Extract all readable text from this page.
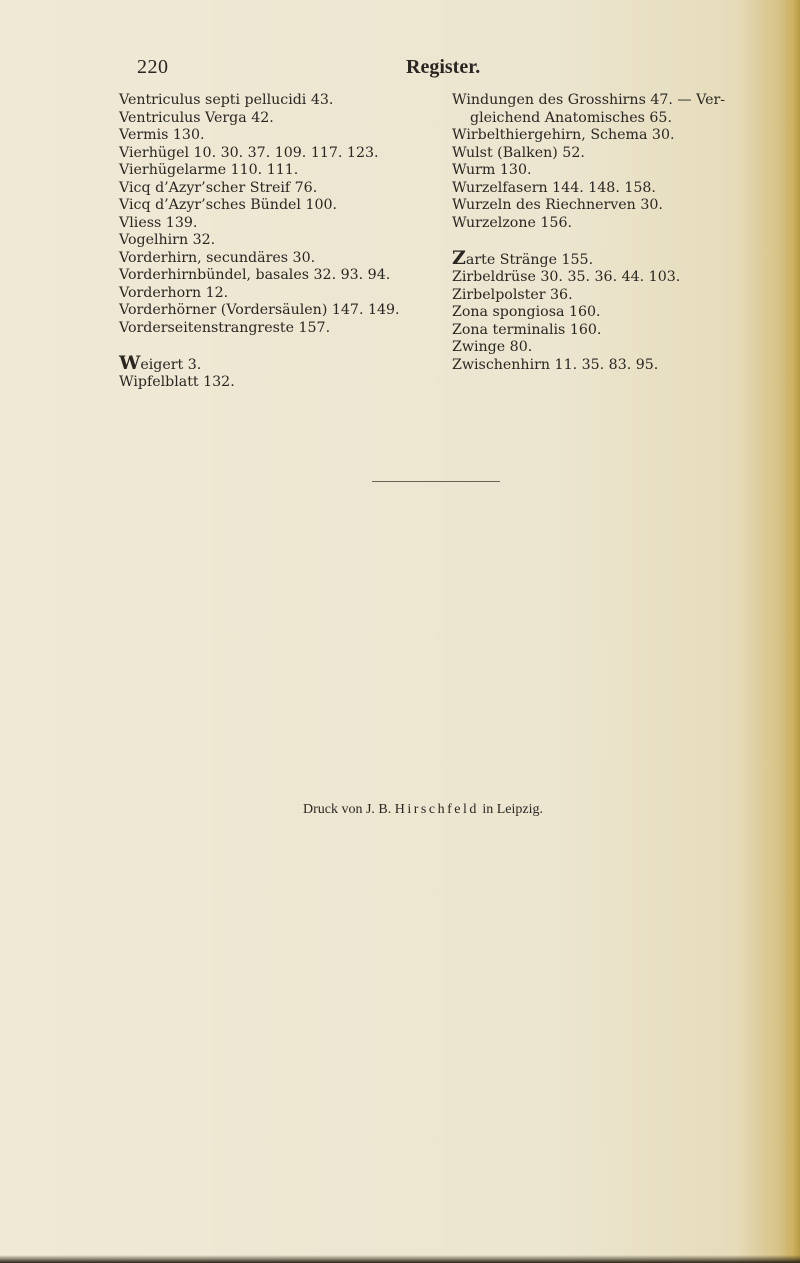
220	Register.
Ventriculus septi pellucidi 43.
Ventriculus Verga 42.
Vermis 130.
Vierhügel 10. 30. 37. 109. 117. 123.
Vierhügelarme 110. 111.
Vicq d’Azyr’scher Streif 76.
Vicq d’Azyr’sches Bündel 100.
Vliess 139.
Vogelhirn 32.
Vorderhirn, secundäres 30.
Vorderhirnbündel, basales 32. 93. 94.
Vorderhorn 12.
Vorderhörner (Vordersäulen) 147. 149.
Vorderseitenstrangreste 157.
Weigert 3.
Wipfelblatt 132.
Windungen des Grosshirns 47. — Ver-
gleichend Anatomisches 65.
Wirbelthiergehirn, Schema 30.
Wulst (Balken) 52.
Wurm 130.
Wurzelfasern 144. 148. 158.
Wurzeln des Riechnerven 30.
Wurzelzone 156.
Zarte Stränge 155.
Zirbeldrüse 30. 35. 36. 44. 103.
Zirbelpolster 36.
Zona spongiosa 160.
Zona terminalis 160.
Zwinge 80.
Zwischenhirn 11. 35. 83. 95.
Druck von J. B. Hirschfeld in Leipzig.
